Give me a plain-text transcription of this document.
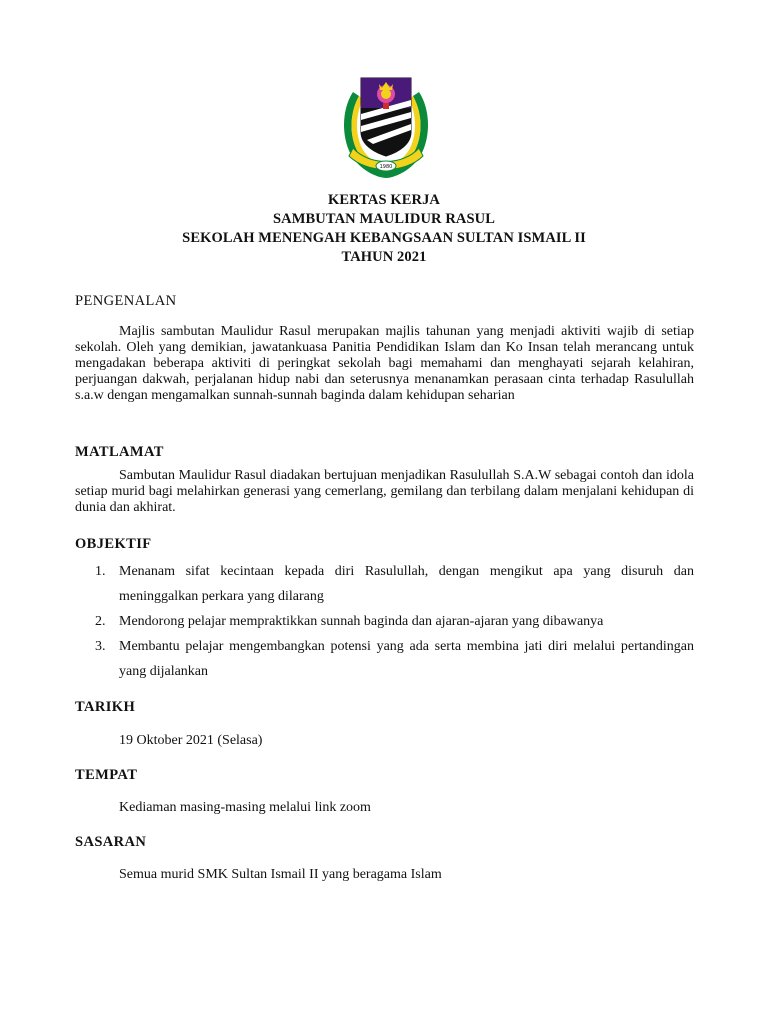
1980
KERTAS KERJA
SAMBUTAN MAULIDUR RASUL
SEKOLAH MENENGAH KEBANGSAAN SULTAN ISMAIL II
TAHUN 2021
PENGENALAN

Majlis sambutan Maulidur Rasul merupakan majlis tahunan yang menjadi aktiviti wajib di setiap sekolah. Oleh yang demikian, jawatankuasa Panitia Pendidikan Islam dan Ko Insan telah merancang untuk mengadakan beberapa aktiviti di peringkat sekolah bagi memahami dan menghayati sejarah kelahiran, perjuangan dakwah, perjalanan hidup nabi dan seterusnya menanamkan perasaan cinta terhadap Rasulullah s.a.w dengan mengamalkan sunnah-sunnah baginda dalam kehidupan seharian

MATLAMAT

Sambutan Maulidur Rasul diadakan bertujuan menjadikan Rasulullah S.A.W sebagai contoh dan idola setiap murid bagi melahirkan generasi yang cemerlang, gemilang dan terbilang dalam menjalani kehidupan di dunia dan akhirat.

OBJEKTIF
1. Menanam sifat kecintaan kepada diri Rasulullah, dengan mengikut apa yang disuruh dan meninggalkan perkara yang dilarang
2. Mendorong pelajar mempraktikkan sunnah baginda dan ajaran-ajaran yang dibawanya
3. Membantu pelajar mengembangkan potensi yang ada serta membina jati diri melalui pertandingan yang dijalankan
TARIKH
19 Oktober 2021 (Selasa)
TEMPAT
Kediaman masing-masing melalui link zoom
SASARAN
Semua murid SMK Sultan Ismail II yang beragama Islam
